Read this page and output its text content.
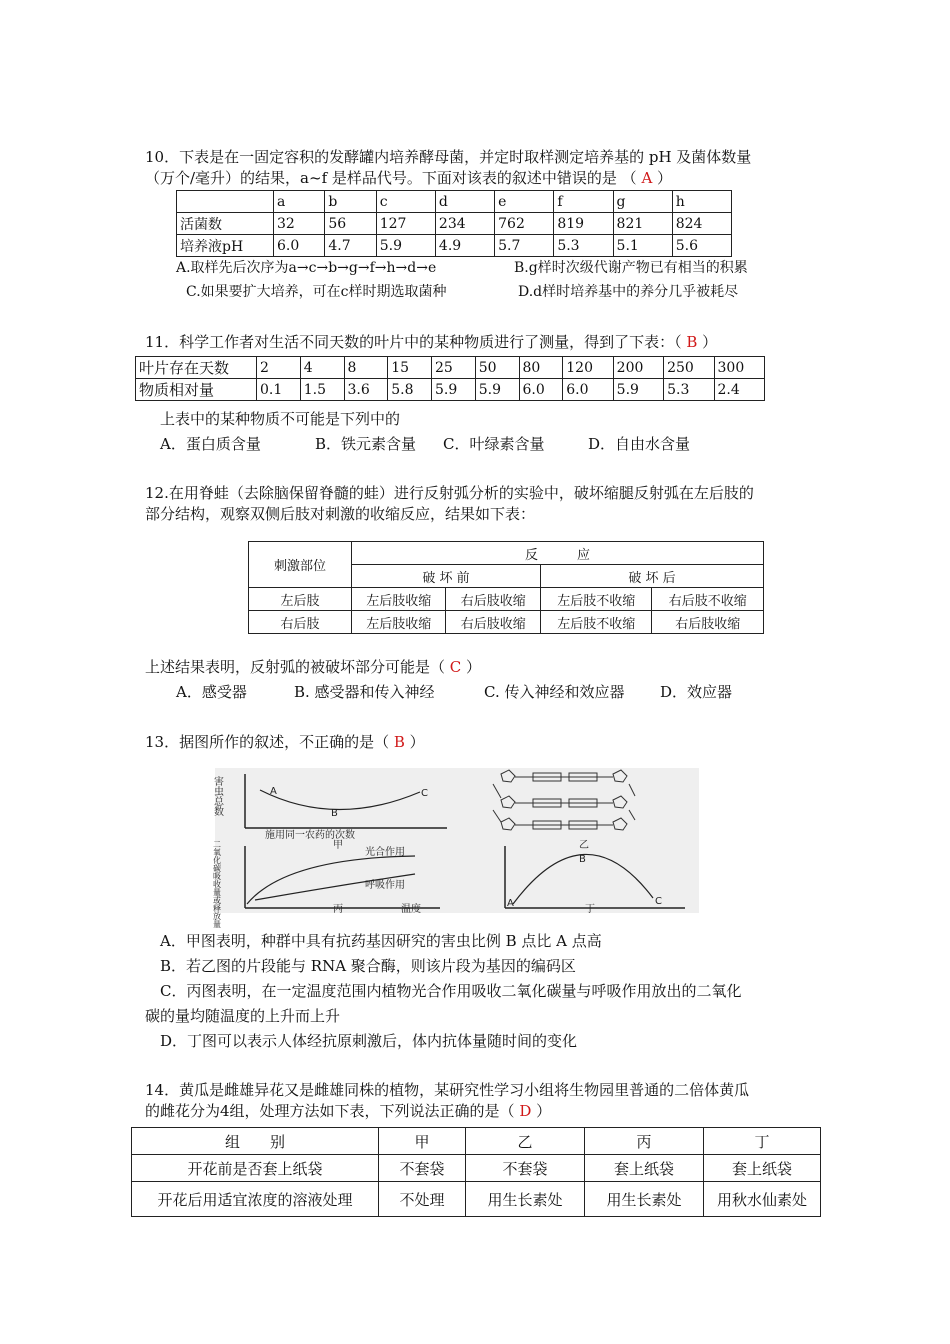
10．下表是在一固定容积的发酵罐内培养酵母菌，并定时取样测定培养基的 pH 及菌体数量
（万个/毫升）的结果，a~f 是样品代号。下面对该表的叙述中错误的是 （ A ）
	a	b	c	d	e	f	g	h
活菌数	32	56	127	234	762	819	821	824
培养液pH	6.0	4.7	5.9	4.9	5.7	5.3	5.1	5.6
A.取样先后次序为a→c→b→g→f→h→d→e	B.g样时次级代谢产物已有相当的积累
C.如果要扩大培养，可在c样时期选取菌种	D.d样时培养基中的养分几乎被耗尽
11．科学工作者对生活不同天数的叶片中的某种物质进行了测量，得到了下表：（ B ）
叶片存在天数	2	4	8	15	25	50	80	120	200	250	300
物质相对量	0.1	1.5	3.6	5.8	5.9	5.9	6.0	6.0	5.9	5.3	2.4
上表中的某种物质不可能是下列中的
A．蛋白质含量	B．铁元素含量 C．叶绿素含量	D．自由水含量
12.在用脊蛙（去除脑保留脊髓的蛙）进行反射弧分析的实验中，破坏缩腿反射弧在左后肢的
部分结构，观察双侧后肢对刺激的收缩反应，结果如下表：
刺激部位	反　　　应			
	破 坏 前		破 坏 后	
左后肢	左后肢收缩	右后肢收缩	左后肢不收缩	右后肢不收缩
右后肢	左后肢收缩	右后肢收缩	左后肢不收缩	右后肢收缩
上述结果表明，反射弧的被破坏部分可能是（ C ）
A．感受器	B. 感受器和传入神经	C. 传入神经和效应器 D．效应器
13．据图所作的叙述，不正确的是（ B ）
A
B
C
害虫总数
施用同一农药的次数
甲	乙
光合作用
呼吸作用
二氧化碳吸收量或释放量	丙	温度
A
B
C
丁
A．甲图表明，种群中具有抗药基因研究的害虫比例 B 点比 A 点高
B．若乙图的片段能与 RNA 聚合酶，则该片段为基因的编码区
C．丙图表明，在一定温度范围内植物光合作用吸收二氧化碳量与呼吸作用放出的二氧化
碳的量均随温度的上升而上升
D．丁图可以表示人体经抗原刺激后，体内抗体量随时间的变化
14．黄瓜是雌雄异花又是雌雄同株的植物，某研究性学习小组将生物园里普通的二倍体黄瓜
的雌花分为4组，处理方法如下表，下列说法正确的是（ D ）
组　　别	甲	乙	丙	丁
开花前是否套上纸袋	不套袋	不套袋	套上纸袋	套上纸袋
开花后用适宜浓度的溶液处理	不处理	用生长素处	用生长素处	用秋水仙素处
